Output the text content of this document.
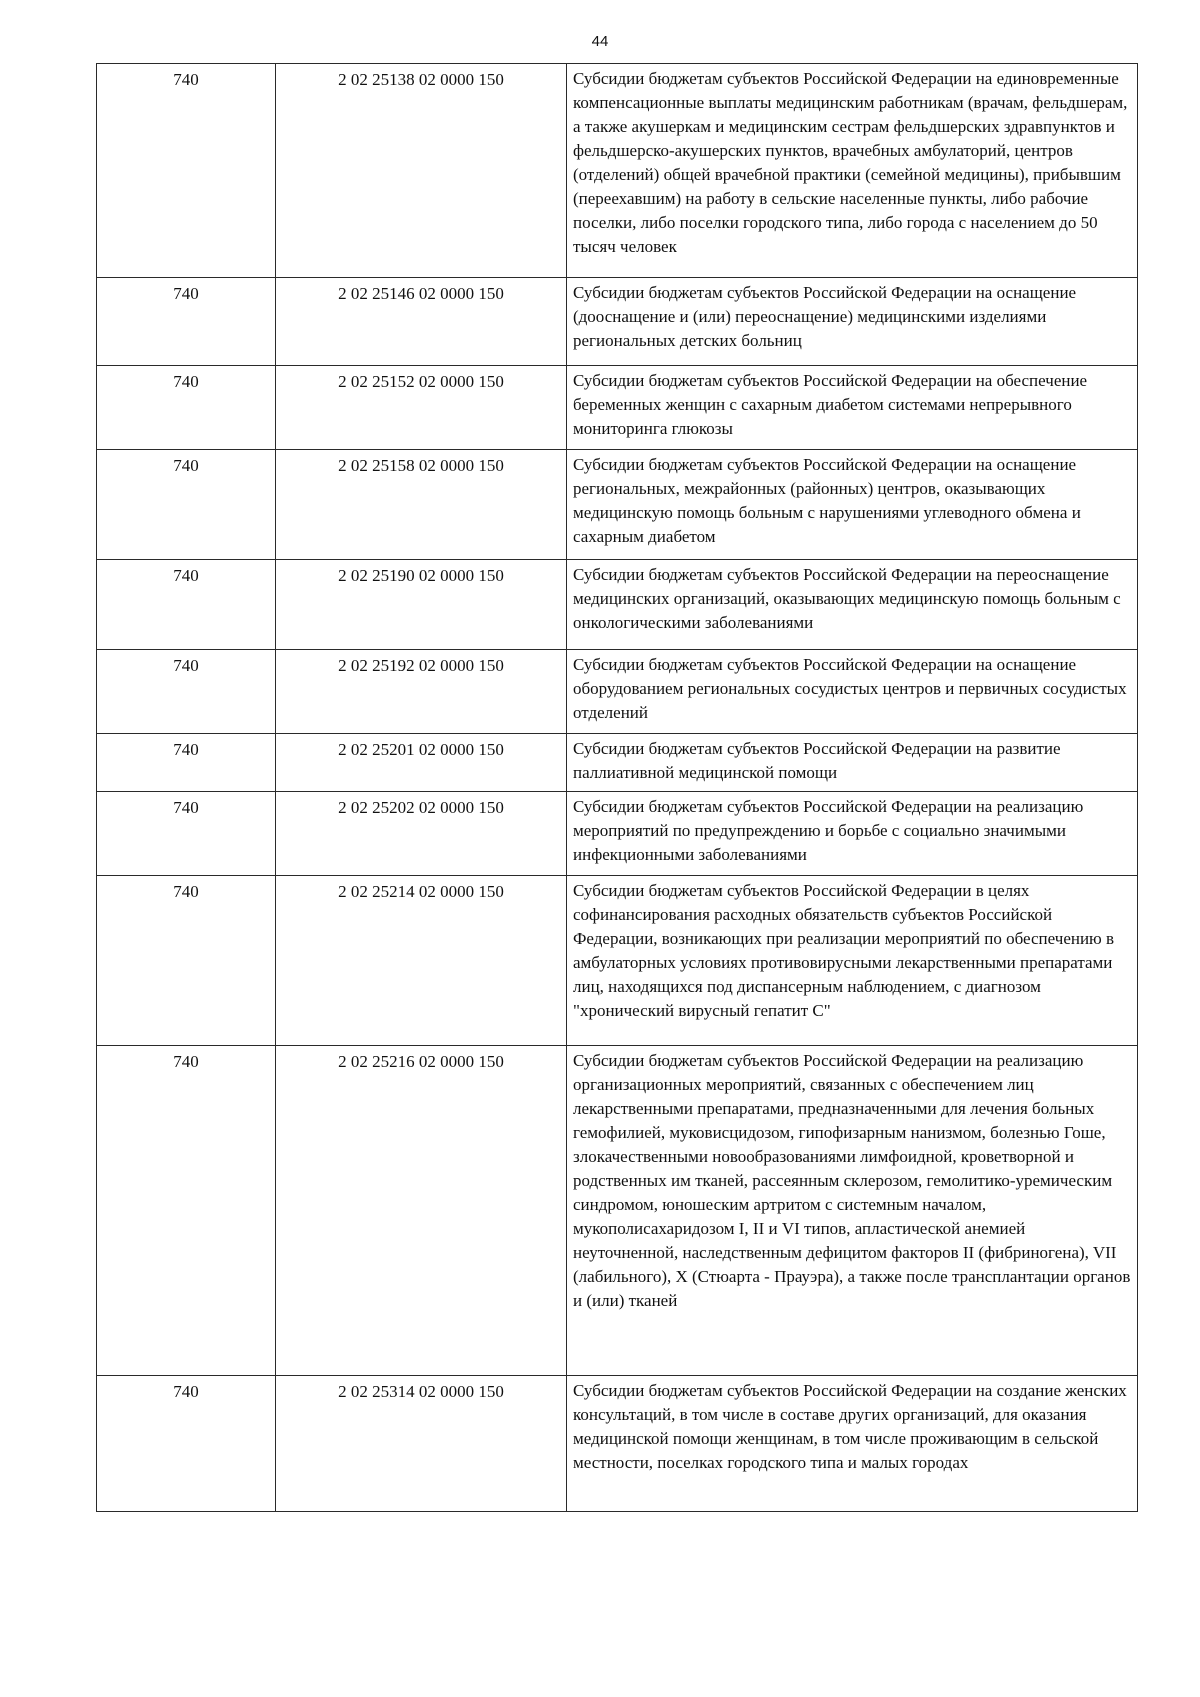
44
740	2 02 25138 02 0000 150	Субсидии бюджетам субъектов Российской Федерации на единовременные компенсационные выплаты медицинским работникам (врачам, фельдшерам, а также акушеркам и медицинским сестрам фельдшерских здравпунктов и фельдшерско-акушерских пунктов, врачебных амбулаторий, центров (отделений) общей врачебной практики (семейной медицины), прибывшим (переехавшим) на работу в сельские населенные пункты, либо рабочие поселки, либо поселки городского типа, либо города с населением до 50 тысяч человек
740	2 02 25146 02 0000 150	Субсидии бюджетам субъектов Российской Федерации на оснащение (дооснащение и (или) переоснащение) медицинскими изделиями региональных детских больниц
740	2 02 25152 02 0000 150	Субсидии бюджетам субъектов Российской Федерации на обеспечение беременных женщин с сахарным диабетом системами непрерывного мониторинга глюкозы
740	2 02 25158 02 0000 150	Субсидии бюджетам субъектов Российской Федерации на оснащение региональных, межрайонных (районных) центров, оказывающих медицинскую помощь больным с нарушениями углеводного обмена и сахарным диабетом
740	2 02 25190 02 0000 150	Субсидии бюджетам субъектов Российской Федерации на переоснащение медицинских организаций, оказывающих медицинскую помощь больным с онкологическими заболеваниями
740	2 02 25192 02 0000 150	Субсидии бюджетам субъектов Российской Федерации на оснащение оборудованием региональных сосудистых центров и первичных сосудистых отделений
740	2 02 25201 02 0000 150	Субсидии бюджетам субъектов Российской Федерации на развитие паллиативной медицинской помощи
740	2 02 25202 02 0000 150	Субсидии бюджетам субъектов Российской Федерации на реализацию мероприятий по предупреждению и борьбе с социально значимыми инфекционными заболеваниями
740	2 02 25214 02 0000 150	Субсидии бюджетам субъектов Российской Федерации в целях софинансирования расходных обязательств субъектов Российской Федерации, возникающих при реализации мероприятий по обеспечению в амбулаторных условиях противовирусными лекарственными препаратами лиц, находящихся под диспансерным наблюдением, с диагнозом "хронический вирусный гепатит С"
740	2 02 25216 02 0000 150	Субсидии бюджетам субъектов Российской Федерации на реализацию организационных мероприятий, связанных с обеспечением лиц лекарственными препаратами, предназначенными для лечения больных гемофилией, муковисцидозом, гипофизарным нанизмом, болезнью Гоше, злокачественными новообразованиями лимфоидной, кроветворной и родственных им тканей, рассеянным склерозом, гемолитико-уремическим синдромом, юношеским артритом с системным началом, мукополисахаридозом I, II и VI типов, апластической анемией неуточненной, наследственным дефицитом факторов II (фибриногена), VII (лабильного), X (Стюарта - Прауэра), а также после трансплантации органов и (или) тканей
740	2 02 25314 02 0000 150	Субсидии бюджетам субъектов Российской Федерации на создание женских консультаций, в том числе в составе других организаций, для оказания медицинской помощи женщинам, в том числе проживающим в сельской местности, поселках городского типа и малых городах
